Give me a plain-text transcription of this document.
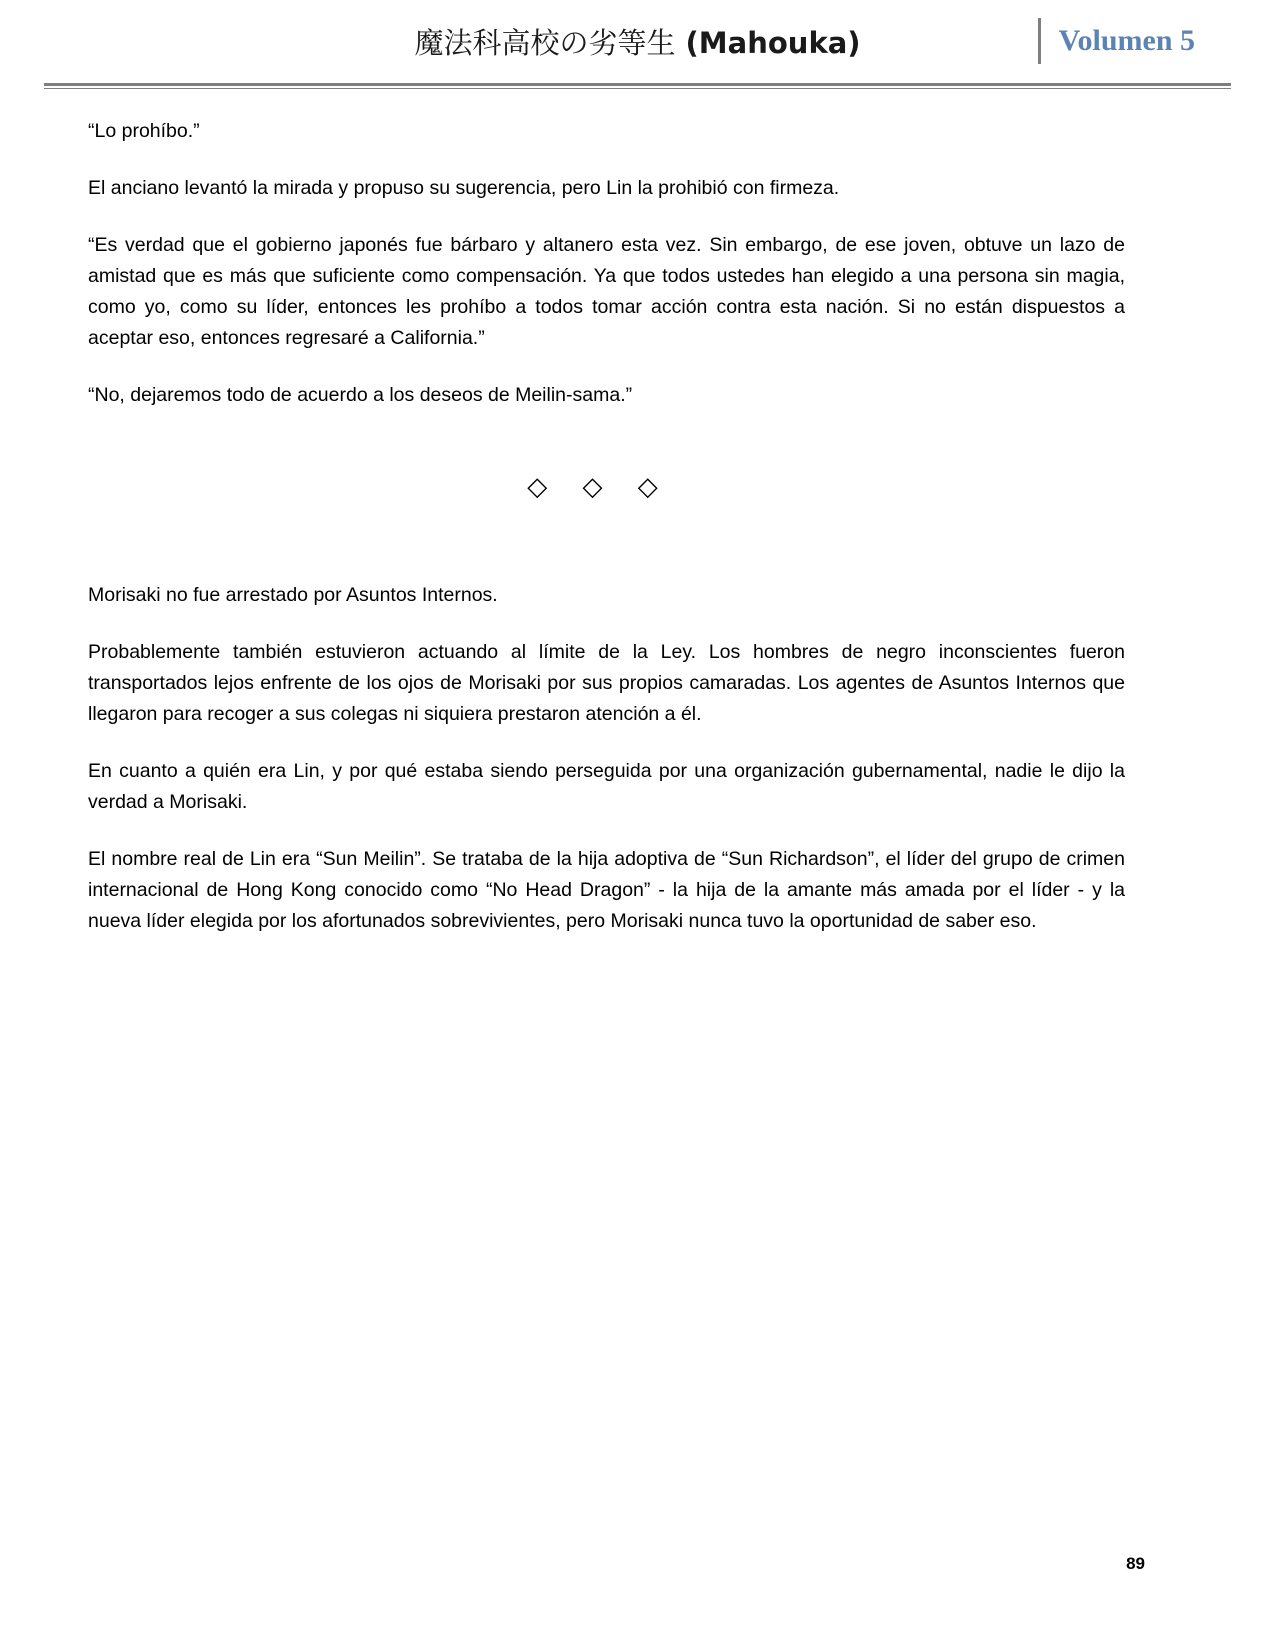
魔法科高校の劣等生 (Mahouka)	Volumen 5

“Lo prohíbo.”

El anciano levantó la mirada y propuso su sugerencia, pero Lin la prohibió con firmeza.

“Es verdad que el gobierno japonés fue bárbaro y altanero esta vez. Sin embargo, de ese joven, obtuve un lazo de amistad que es más que suficiente como compensación. Ya que todos ustedes han elegido a una persona sin magia, como yo, como su líder, entonces les prohíbo a todos tomar acción contra esta nación. Si no están dispuestos a aceptar eso, entonces regresaré a California.”

“No, dejaremos todo de acuerdo a los deseos de Meilin-sama.”

◇ ◇ ◇

Morisaki no fue arrestado por Asuntos Internos.

Probablemente también estuvieron actuando al límite de la Ley. Los hombres de negro inconscientes fueron transportados lejos enfrente de los ojos de Morisaki por sus propios camaradas. Los agentes de Asuntos Internos que llegaron para recoger a sus colegas ni siquiera prestaron atención a él.

En cuanto a quién era Lin, y por qué estaba siendo perseguida por una organización gubernamental, nadie le dijo la verdad a Morisaki.

El nombre real de Lin era “Sun Meilin”. Se trataba de la hija adoptiva de “Sun Richardson”, el líder del grupo de crimen internacional de Hong Kong conocido como “No Head Dragon” - la hija de la amante más amada por el líder - y la nueva líder elegida por los afortunados sobrevivientes, pero Morisaki nunca tuvo la oportunidad de saber eso.

89
